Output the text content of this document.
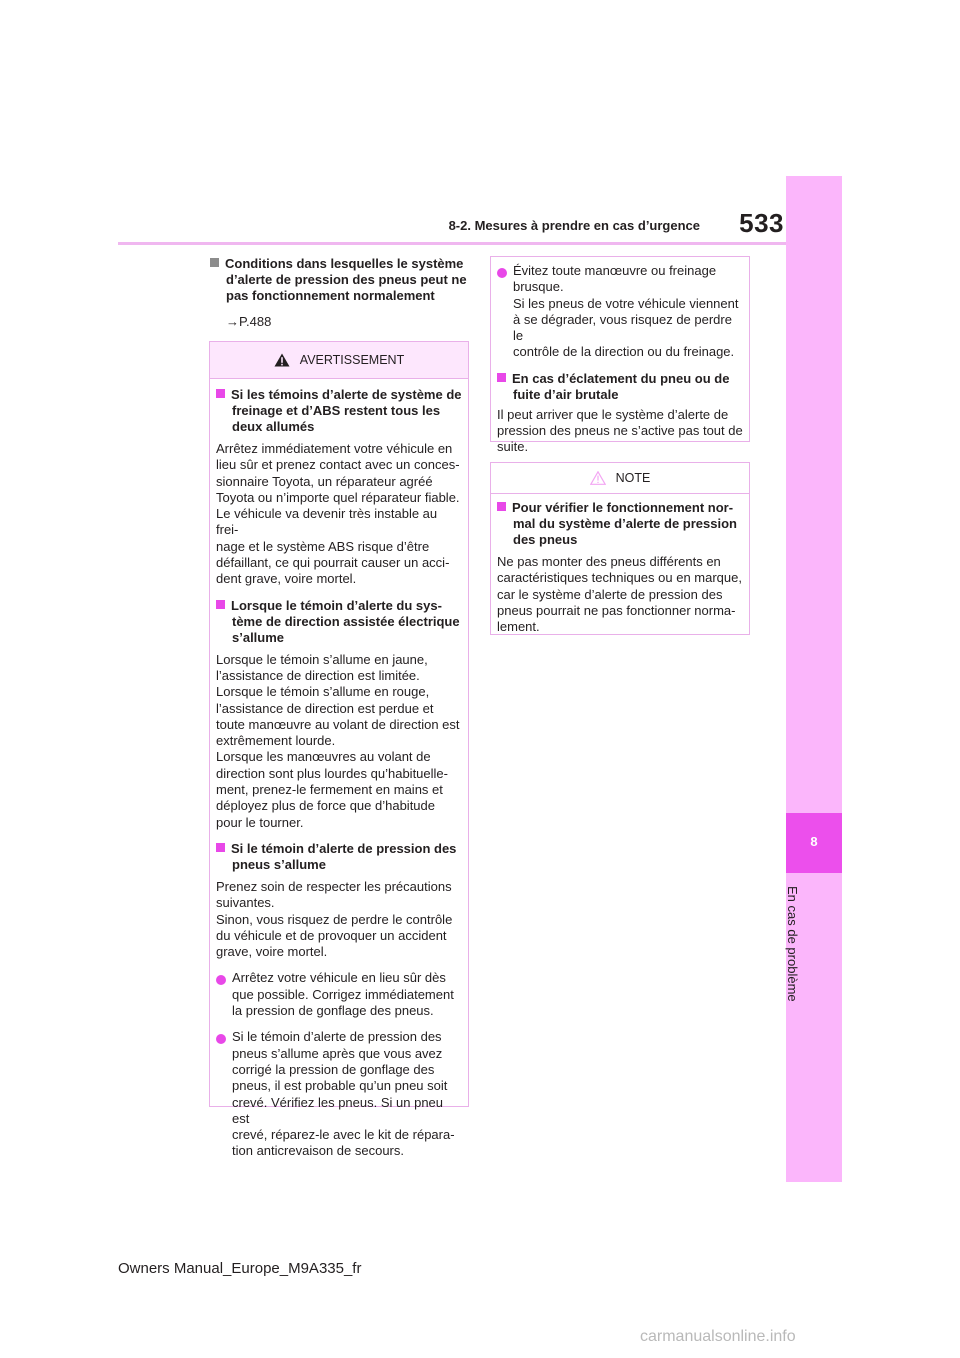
8-2. Mesures à prendre en cas d’urgence	533
8
En cas de problème
Conditions dans lesquelles le système d’alerte de pression des pneus peut ne pas fonctionnement normalement
→P.488
AVERTISSEMENT
Si les témoins d’alerte de système de freinage et d’ABS restent tous les deux allumés
Arrêtez immédiatement votre véhicule en
lieu sûr et prenez contact avec un conces-
sionnaire Toyota, un réparateur agréé
Toyota ou n’importe quel réparateur fiable.
Le véhicule va devenir très instable au frei-
nage et le système ABS risque d’être
défaillant, ce qui pourrait causer un acci-
dent grave, voire mortel.
Lorsque le témoin d’alerte du sys- tème de direction assistée électrique s’allume
Lorsque le témoin s’allume en jaune,
l’assistance de direction est limitée.
Lorsque le témoin s’allume en rouge,
l’assistance de direction est perdue et
toute manœuvre au volant de direction est
extrêmement lourde.
Lorsque les manœuvres au volant de
direction sont plus lourdes qu’habituelle-
ment, prenez-le fermement en mains et
déployez plus de force que d’habitude
pour le tourner.
Si le témoin d’alerte de pression des pneus s’allume
Prenez soin de respecter les précautions
suivantes.
Sinon, vous risquez de perdre le contrôle
du véhicule et de provoquer un accident
grave, voire mortel.
Arrêtez votre véhicule en lieu sûr dès
que possible. Corrigez immédiatement
la pression de gonflage des pneus.
Si le témoin d’alerte de pression des
pneus s’allume après que vous avez
corrigé la pression de gonflage des
pneus, il est probable qu’un pneu soit
crevé. Vérifiez les pneus. Si un pneu est
crevé, réparez-le avec le kit de répara-
tion anticrevaison de secours.
Évitez toute manœuvre ou freinage
brusque.
Si les pneus de votre véhicule viennent
à se dégrader, vous risquez de perdre le
contrôle de la direction ou du freinage.
En cas d’éclatement du pneu ou de fuite d’air brutale
Il peut arriver que le système d’alerte de
pression des pneus ne s’active pas tout de
suite.
NOTE
Pour vérifier le fonctionnement nor- mal du système d’alerte de pression des pneus
Ne pas monter des pneus différents en
caractéristiques techniques ou en marque,
car le système d’alerte de pression des
pneus pourrait ne pas fonctionner norma-
lement.
Owners Manual_Europe_M9A335_fr
carmanualsonline.info
